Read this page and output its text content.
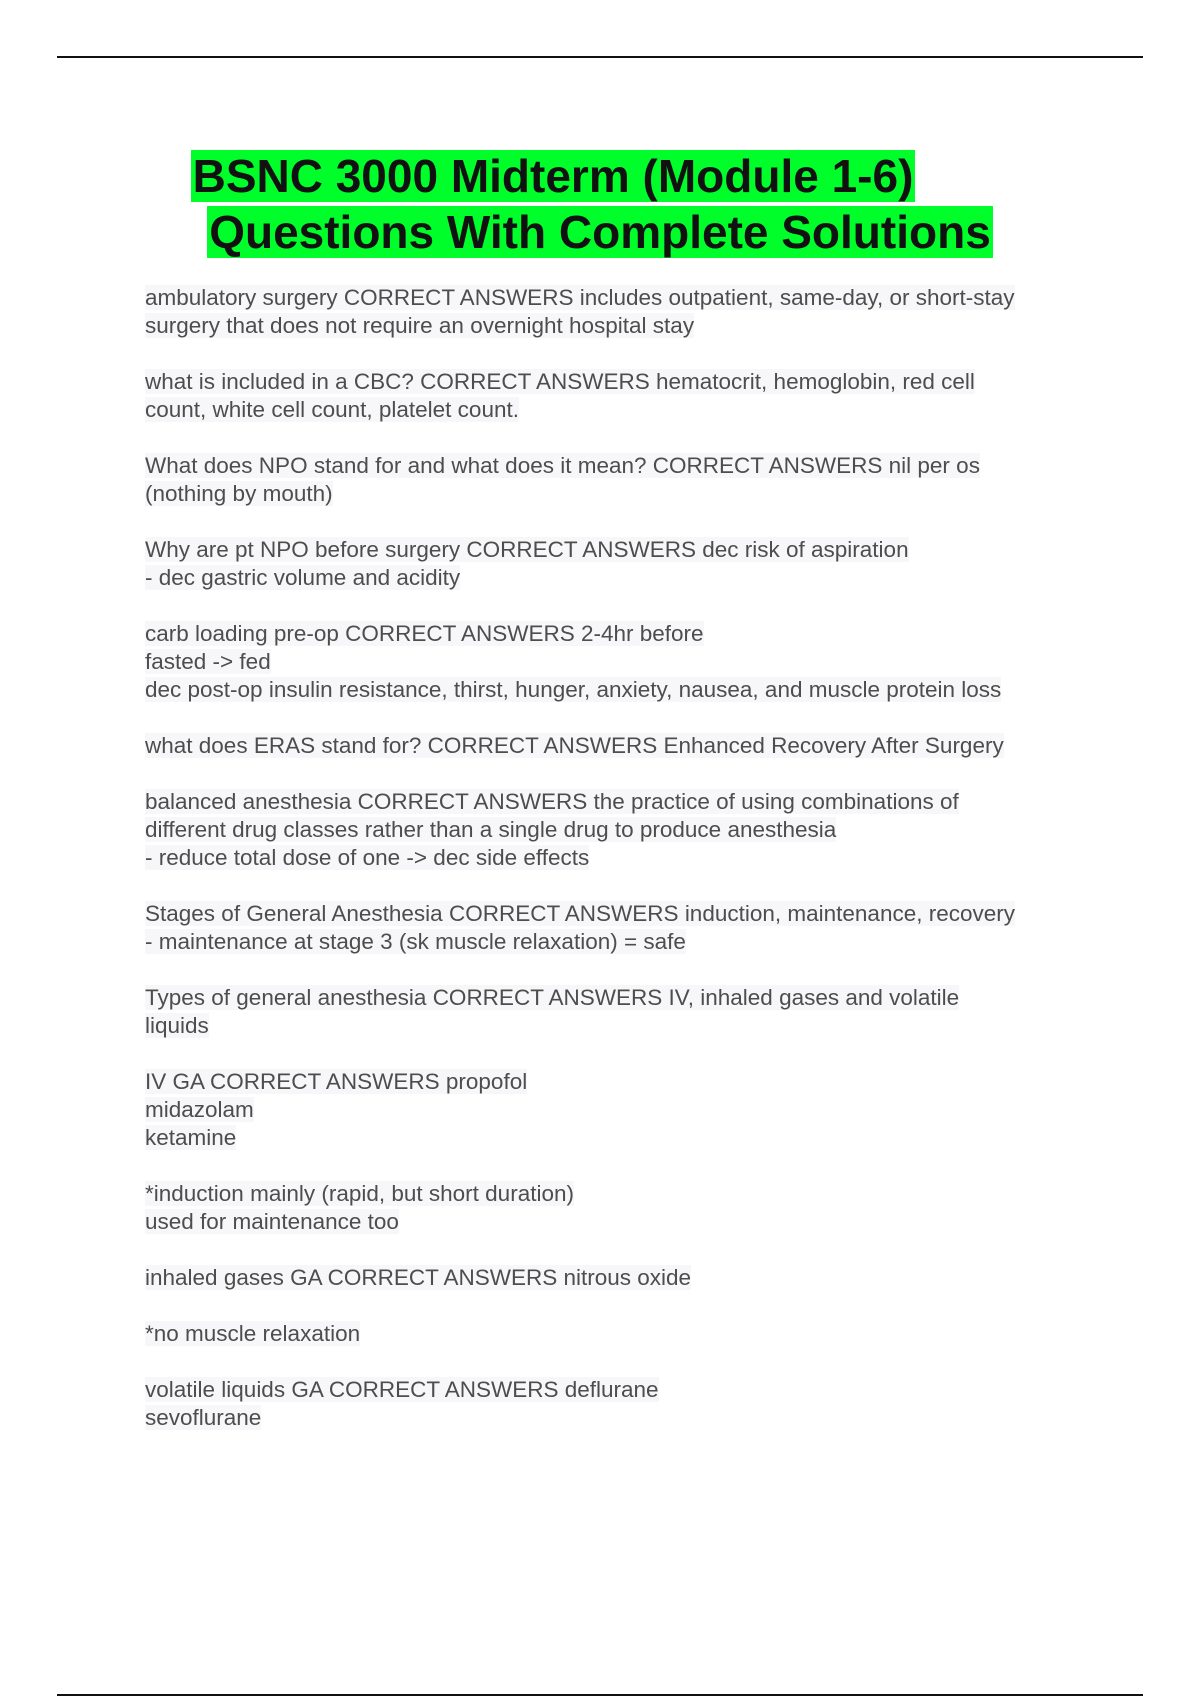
BSNC 3000 Midterm (Module 1-6)
Questions With Complete Solutions
ambulatory surgery CORRECT ANSWERS includes outpatient, same-day, or short-stay
surgery that does not require an overnight hospital stay
what is included in a CBC? CORRECT ANSWERS hematocrit, hemoglobin, red cell
count, white cell count, platelet count.
What does NPO stand for and what does it mean? CORRECT ANSWERS nil per os
(nothing by mouth)
Why are pt NPO before surgery CORRECT ANSWERS dec risk of aspiration
- dec gastric volume and acidity
carb loading pre-op CORRECT ANSWERS 2-4hr before
fasted -> fed
dec post-op insulin resistance, thirst, hunger, anxiety, nausea, and muscle protein loss
what does ERAS stand for? CORRECT ANSWERS Enhanced Recovery After Surgery
balanced anesthesia CORRECT ANSWERS the practice of using combinations of
different drug classes rather than a single drug to produce anesthesia
- reduce total dose of one -> dec side effects
Stages of General Anesthesia CORRECT ANSWERS induction, maintenance, recovery
- maintenance at stage 3 (sk muscle relaxation) = safe
Types of general anesthesia CORRECT ANSWERS IV, inhaled gases and volatile
liquids
IV GA CORRECT ANSWERS propofol
midazolam
ketamine
*induction mainly (rapid, but short duration)
used for maintenance too
inhaled gases GA CORRECT ANSWERS nitrous oxide
*no muscle relaxation
volatile liquids GA CORRECT ANSWERS deflurane
sevoflurane
